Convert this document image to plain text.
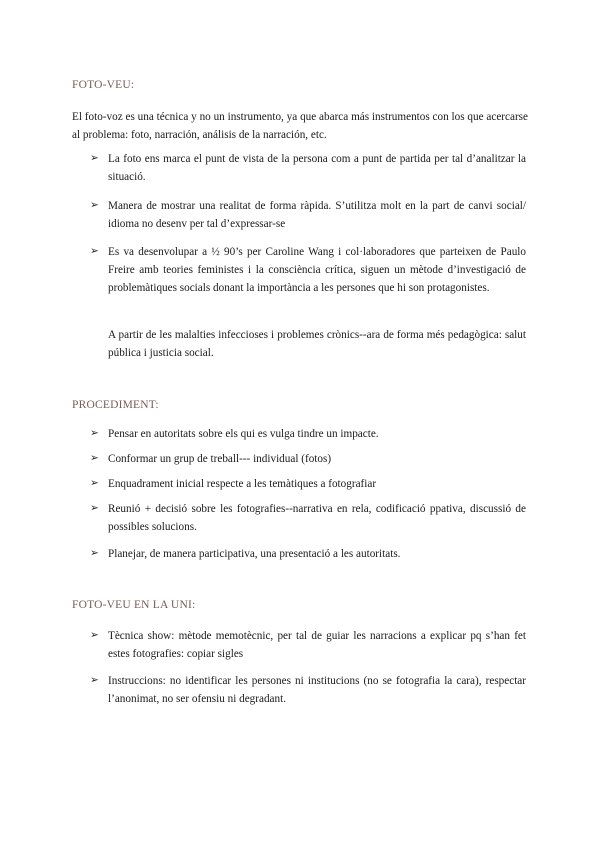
FOTO-VEU:
El foto-voz es una técnica y no un instrumento, ya que abarca más instrumentos con los que acercarse al problema: foto, narración, análisis de la narración, etc.
➢ La foto ens marca el punt de vista de la persona com a punt de partida per tal d’analitzar la situació.
➢ Manera de mostrar una realitat de forma ràpida. S’utilitza molt en la part de canvi social/ idioma no desenv per tal d’expressar-se
➢ Es va desenvolupar a ½ 90’s per Caroline Wang i col·laboradores que parteixen de Paulo Freire amb teories feministes i la consciència crítica, siguen un mètode d’investigació de problemàtiques socials donant la importància a les persones que hi son protagonistes.
A partir de les malalties infeccioses i problemes crònics--ara de forma més pedagògica: salut pública i justicia social.
PROCEDIMENT:
➢ Pensar en autoritats sobre els qui es vulga tindre un impacte.
➢ Conformar un grup de treball--- individual (fotos)
➢ Enquadrament inicial respecte a les temàtiques a fotografiar
➢ Reunió + decisió sobre les fotografies--narrativa en rela, codificació ppativa, discussió de possibles solucions.
➢ Planejar, de manera participativa, una presentació a les autoritats.
FOTO-VEU EN LA UNI:
➢ Tècnica show: mètode memotècnic, per tal de guiar les narracions a explicar pq s’han fet estes fotografies: copiar sigles
➢ Instruccions: no identificar les persones ni institucions (no se fotografia la cara), respectar l’anonimat, no ser ofensiu ni degradant.
